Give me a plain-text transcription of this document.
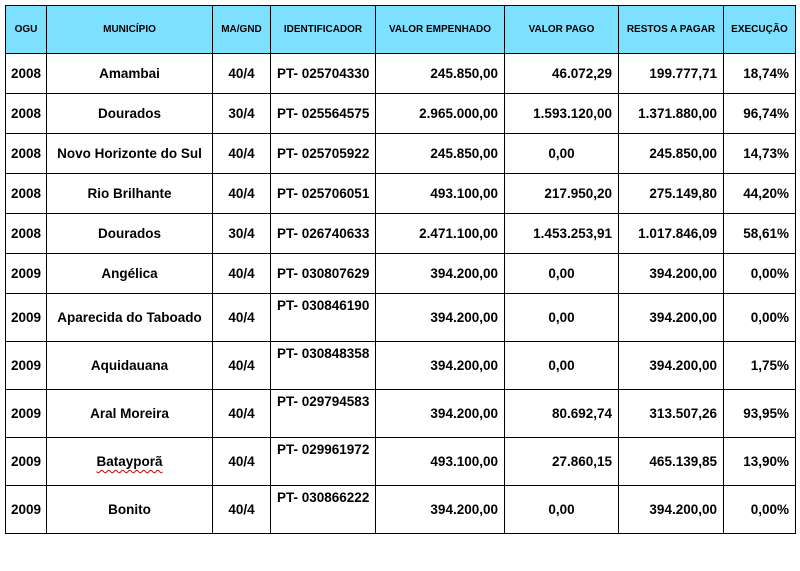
OGU	MUNICÍPIO	MA/GND	IDENTIFICADOR	VALOR EMPENHADO	VALOR PAGO	RESTOS A PAGAR	EXECUÇÃO
2008	Amambai	40/4	PT- 025704330	245.850,00	46.072,29	199.777,71	18,74%
2008	Dourados	30/4	PT- 025564575	2.965.000,00	1.593.120,00	1.371.880,00	96,74%
2008	Novo Horizonte do Sul	40/4	PT- 025705922	245.850,00	0,00	245.850,00	14,73%
2008	Rio Brilhante	40/4	PT- 025706051	493.100,00	217.950,20	275.149,80	44,20%
2008	Dourados	30/4	PT- 026740633	2.471.100,00	1.453.253,91	1.017.846,09	58,61%
2009	Angélica	40/4	PT- 030807629	394.200,00	0,00	394.200,00	0,00%
2009	Aparecida do Taboado	40/4	PT- 030846190	394.200,00	0,00	394.200,00	0,00%
2009	Aquidauana	40/4	PT- 030848358	394.200,00	0,00	394.200,00	1,75%
2009	Aral Moreira	40/4	PT- 029794583	394.200,00	80.692,74	313.507,26	93,95%
2009	Batayporã	40/4	PT- 029961972	493.100,00	27.860,15	465.139,85	13,90%
2009	Bonito	40/4	PT- 030866222	394.200,00	0,00	394.200,00	0,00%
